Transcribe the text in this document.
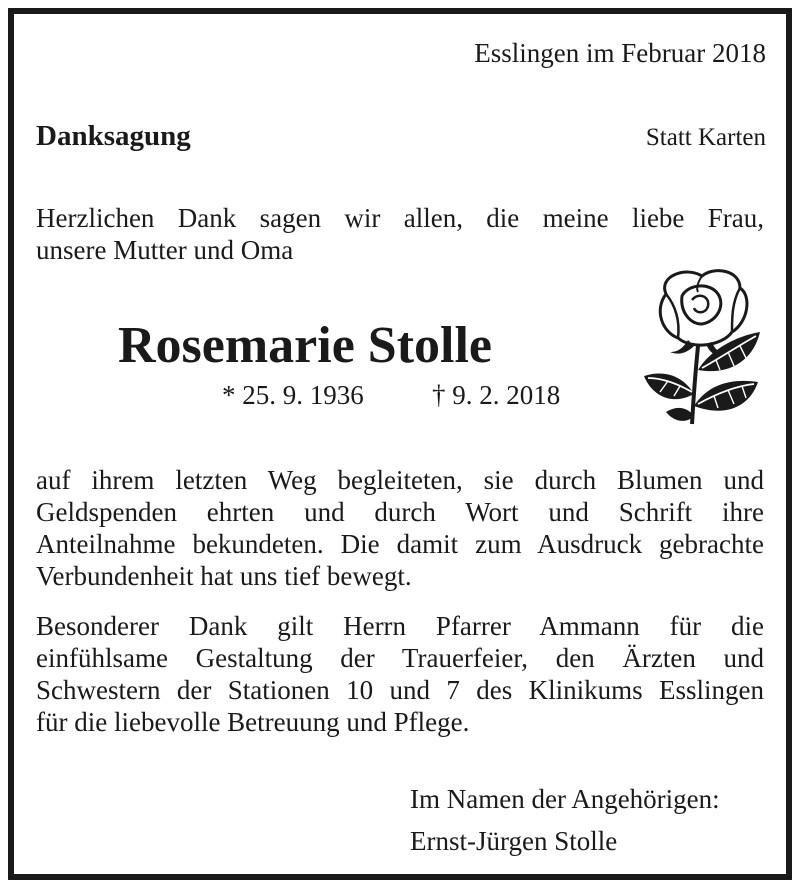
Esslingen im Februar 2018
Danksagung	Statt Karten
Herzlichen Dank sagen wir allen, die meine liebe Frau,
unsere Mutter und Oma
Rosemarie Stolle
* 25. 9. 1936	† 9. 2. 2018
auf ihrem letzten Weg begleiteten, sie durch Blumen und
Geldspenden ehrten und durch Wort und Schrift ihre
Anteilnahme bekundeten. Die damit zum Ausdruck gebrachte
Verbundenheit hat uns tief bewegt.
Besonderer Dank gilt Herrn Pfarrer Ammann für die
einfühlsame Gestaltung der Trauerfeier, den Ärzten und
Schwestern der Stationen 10 und 7 des Klinikums Esslingen
für die liebevolle Betreuung und Pflege.
Im Namen der Angehörigen:
Ernst-Jürgen Stolle
